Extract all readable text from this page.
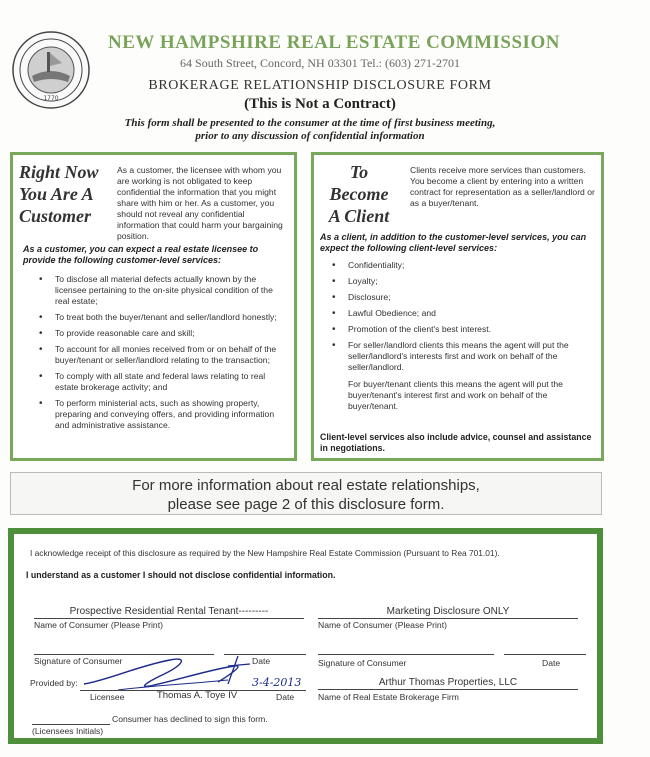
1770
NEW HAMPSHIRE REAL ESTATE COMMISSION
64 South Street, Concord, NH 03301 Tel.: (603) 271-2701
BROKERAGE RELATIONSHIP DISCLOSURE FORM
(This is Not a Contract)
This form shall be presented to the consumer at the time of first business meeting,
prior to any discussion of confidential information
Right Now
You Are A
Customer
As a customer, the licensee with whom you are working is not obligated to keep confidential the information that you might share with him or her. As a customer, you should not reveal any confidential information that could harm your bargaining position.
As a customer, you can expect a real estate licensee to provide the following customer-level services:
• To disclose all material defects actually known by the licensee pertaining to the on-site physical condition of the real estate;
• To treat both the buyer/tenant and seller/landlord honestly;
• To provide reasonable care and skill;
• To account for all monies received from or on behalf of the buyer/tenant or seller/landlord relating to the transaction;
• To comply with all state and federal laws relating to real estate brokerage activity; and
• To perform ministerial acts, such as showing property, preparing and conveying offers, and providing information and administrative assistance.
To
Become
A Client
Clients receive more services than customers. You become a client by entering into a written contract for representation as a seller/landlord or as a buyer/tenant.
As a client, in addition to the customer-level services, you can expect the following client-level services:
• Confidentiality;
• Loyalty;
• Disclosure;
• Lawful Obedience; and
• Promotion of the client's best interest.
• For seller/landlord clients this means the agent will put the seller/landlord's interests first and work on behalf of the seller/landlord.
For buyer/tenant clients this means the agent will put the buyer/tenant's interest first and work on behalf of the buyer/tenant.
Client-level services also include advice, counsel and assistance in negotiations.
For more information about real estate relationships,
please see page 2 of this disclosure form.
I acknowledge receipt of this disclosure as required by the New Hampshire Real Estate Commission (Pursuant to Rea 701.01).
I understand as a customer I should not disclose confidential information.
Prospective Residential Rental Tenant---------
Name of Consumer (Please Print)
Marketing Disclosure ONLY
Name of Consumer (Please Print)
Signature of Consumer	Date	Signature of Consumer	Date
Provided by:	3-4-2013
Licensee	Thomas A. Toye IV	Date
Arthur Thomas Properties, LLC
Name of Real Estate Brokerage Firm
Consumer has declined to sign this form.
(Licensees Initials)
